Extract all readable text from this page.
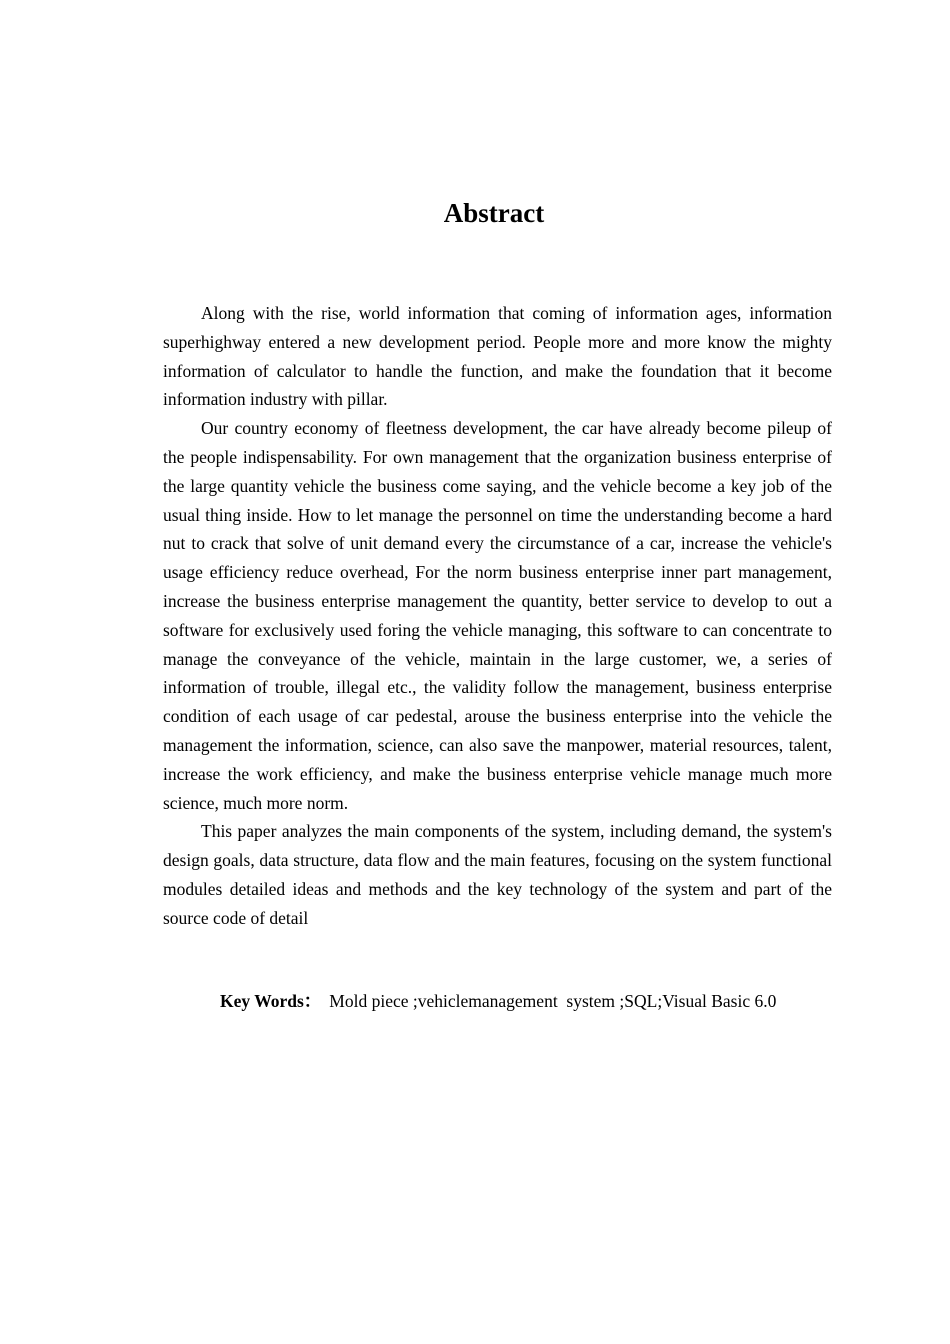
Abstract

Along with the rise, world information that coming of information ages, information superhighway entered a new development period. People more and more know the mighty information of calculator to handle the function, and make the foundation that it become information industry with pillar.

Our country economy of fleetness development, the car have already become pileup of the people indispensability. For own management that the organization business enterprise of the large quantity vehicle the business come saying, and the vehicle become a key job of the usual thing inside. How to let manage the personnel on time the understanding become a hard nut to crack that solve of unit demand every the circumstance of a car, increase the vehicle's usage efficiency reduce overhead, For the norm business enterprise inner part management, increase the business enterprise management the quantity, better service to develop to out a software for exclusively used foring the vehicle managing, this software to can concentrate to manage the conveyance of the vehicle, maintain in the large customer, we, a series of information of trouble, illegal etc., the validity follow the management, business enterprise condition of each usage of car pedestal, arouse the business enterprise into the vehicle the management the information, science, can also save the manpower, material resources, talent, increase the work efficiency, and make the business enterprise vehicle manage much more science, much more norm.

This paper analyzes the main components of the system, including demand, the system's design goals, data structure, data flow and the main features, focusing on the system functional modules detailed ideas and methods and the key technology of the system and part of the source code of detail

Key Words： Mold piece ;vehiclemanagement  system ;SQL;Visual Basic 6.0
